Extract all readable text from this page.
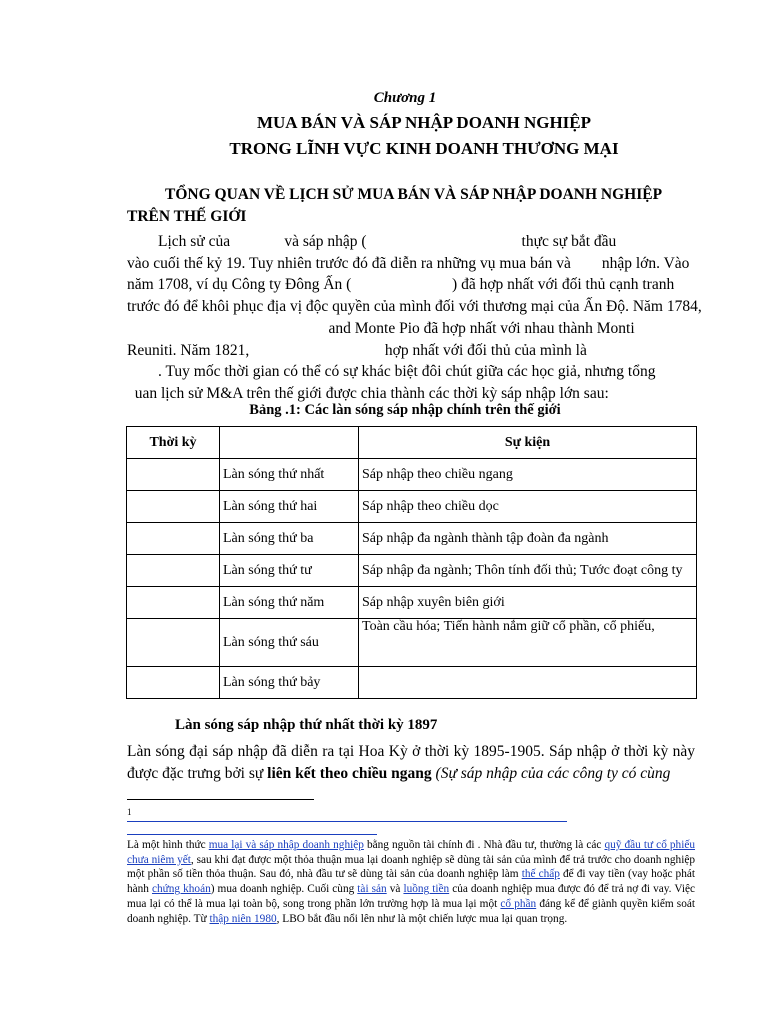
Chương 1
MUA BÁN VÀ SÁP NHẬP DOANH NGHIỆP
TRONG LĨNH VỰC KINH DOANH THƯƠNG MẠI
TỔNG QUAN VỀ LỊCH SỬ MUA BÁN VÀ SÁP NHẬP DOANH NGHIỆP TRÊN THẾ GIỚI
Lịch sử của              và sáp nhập (                                        thực sự bắt đầu
vào cuối thế kỷ 19. Tuy nhiên trước đó đã diễn ra những vụ mua bán và        nhập lớn. Vào
năm 1708, ví dụ Công ty Đông Ấn (                          ) đã hợp nhất với đối thủ cạnh tranh
trước đó để khôi phục địa vị độc quyền của mình đối với thương mại của Ấn Độ. Năm 1784,
and Monte Pio đã hợp nhất với nhau thành Monti
Reuniti. Năm 1821,                                   hợp nhất với đối thủ của mình là
. Tuy mốc thời gian có thể có sự khác biệt đôi chút giữa các học giả, nhưng tổng
uan lịch sử M&A trên thế giới được chia thành các thời kỳ sáp nhập lớn sau:
Bảng .1: Các làn sóng sáp nhập chính trên thế giới
Thời kỳ		Sự kiện
	Làn sóng thứ nhất	Sáp nhập theo chiều ngang
	Làn sóng thứ hai	Sáp nhập theo chiều dọc
	Làn sóng thứ ba	Sáp nhập đa ngành thành tập đoàn đa ngành
	Làn sóng thứ tư	Sáp nhập đa ngành; Thôn tính đối thủ; Tước đoạt công ty
	Làn sóng thứ năm	Sáp nhập xuyên biên giới
	Làn sóng thứ sáu	Toàn cầu hóa; Tiến hành nắm giữ cổ phần, cổ phiếu,
	Làn sóng thứ bảy	
Làn sóng sáp nhập thứ nhất thời kỳ 1897
Làn sóng đại sáp nhập đã diễn ra tại Hoa Kỳ ở thời kỳ 1895-1905. Sáp nhập ở thời kỳ này được đặc trưng bởi sự liên kết theo chiều ngang (Sự sáp nhập của các công ty có cùng
1
Là một hình thức mua lại và sáp nhập doanh nghiệp bằng nguồn tài chính đi . Nhà đầu tư, thường là các quỹ đầu tư cổ phiếu chưa niêm yết, sau khi đạt được một thỏa thuận mua lại doanh nghiệp sẽ dùng tài sản của mình để trả trước cho doanh nghiệp một phần số tiền thỏa thuận. Sau đó, nhà đầu tư sẽ dùng tài sản của doanh nghiệp làm thế chấp để đi vay tiền (vay hoặc phát hành chứng khoán) mua doanh nghiệp. Cuối cùng tài sản và luồng tiền của doanh nghiệp mua được đó để trả nợ đi vay. Việc mua lại có thể là mua lại toàn bộ, song trong phần lớn trường hợp là mua lại một cổ phần đáng kể để giành quyền kiểm soát doanh nghiệp. Từ thập niên 1980, LBO bắt đầu nổi lên như là một chiến lược mua lại quan trọng.
